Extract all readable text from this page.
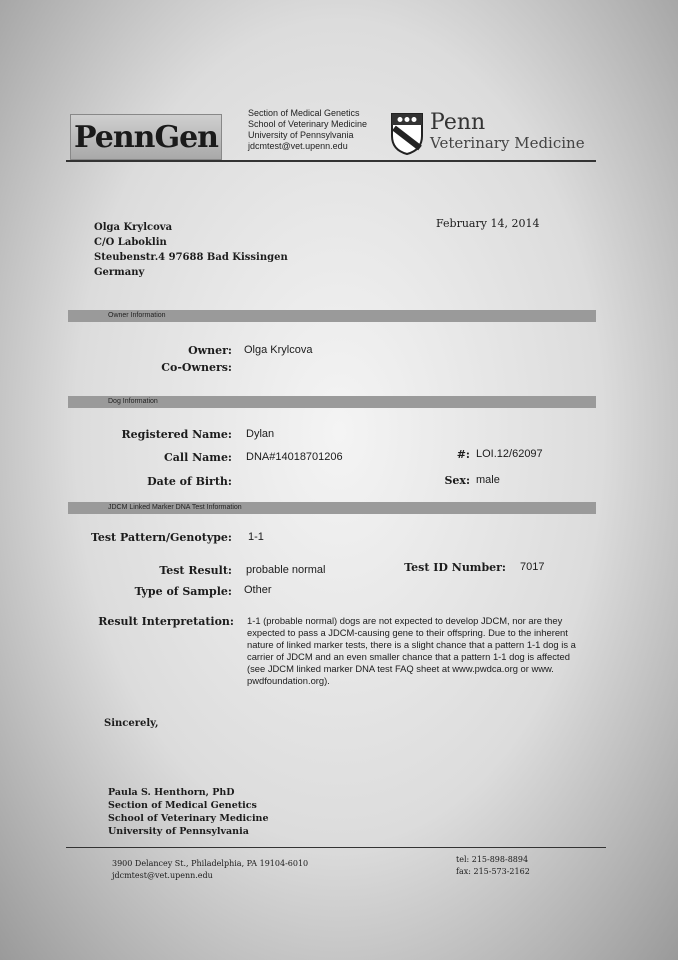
PennGen
Section of Medical Genetics
School of Veterinary Medicine
University of Pennsylvania
jdcmtest@vet.upenn.edu
Penn
Veterinary Medicine
Olga Krylcova
C/O Laboklin
Steubenstr.4 97688 Bad Kissingen
Germany
February 14, 2014
Owner Information
Owner: Olga Krylcova
Co-Owners:
Dog Information
Registered Name: Dylan
Call Name: DNA#14018701206	#: LOI.12/62097
Date of Birth:	Sex: male
JDCM Linked Marker DNA Test Information
Test Pattern/Genotype: 1-1
Test Result: probable normal	Test ID Number: 7017
Type of Sample: Other
Result Interpretation: 1-1 (probable normal) dogs are not expected to develop JDCM, nor are they expected to pass a JDCM-causing gene to their offspring. Due to the inherent nature of linked marker tests, there is a slight chance that a pattern 1-1 dog is a carrier of JDCM and an even smaller chance that a pattern 1-1 dog is affected (see JDCM linked marker DNA test FAQ sheet at www.pwdca.org or www. pwdfoundation.org).
Sincerely,
Paula S. Henthorn, PhD
Section of Medical Genetics
School of Veterinary Medicine
University of Pennsylvania
3900 Delancey St., Philadelphia, PA 19104-6010
jdcmtest@vet.upenn.edu
tel: 215-898-8894
fax: 215-573-2162
